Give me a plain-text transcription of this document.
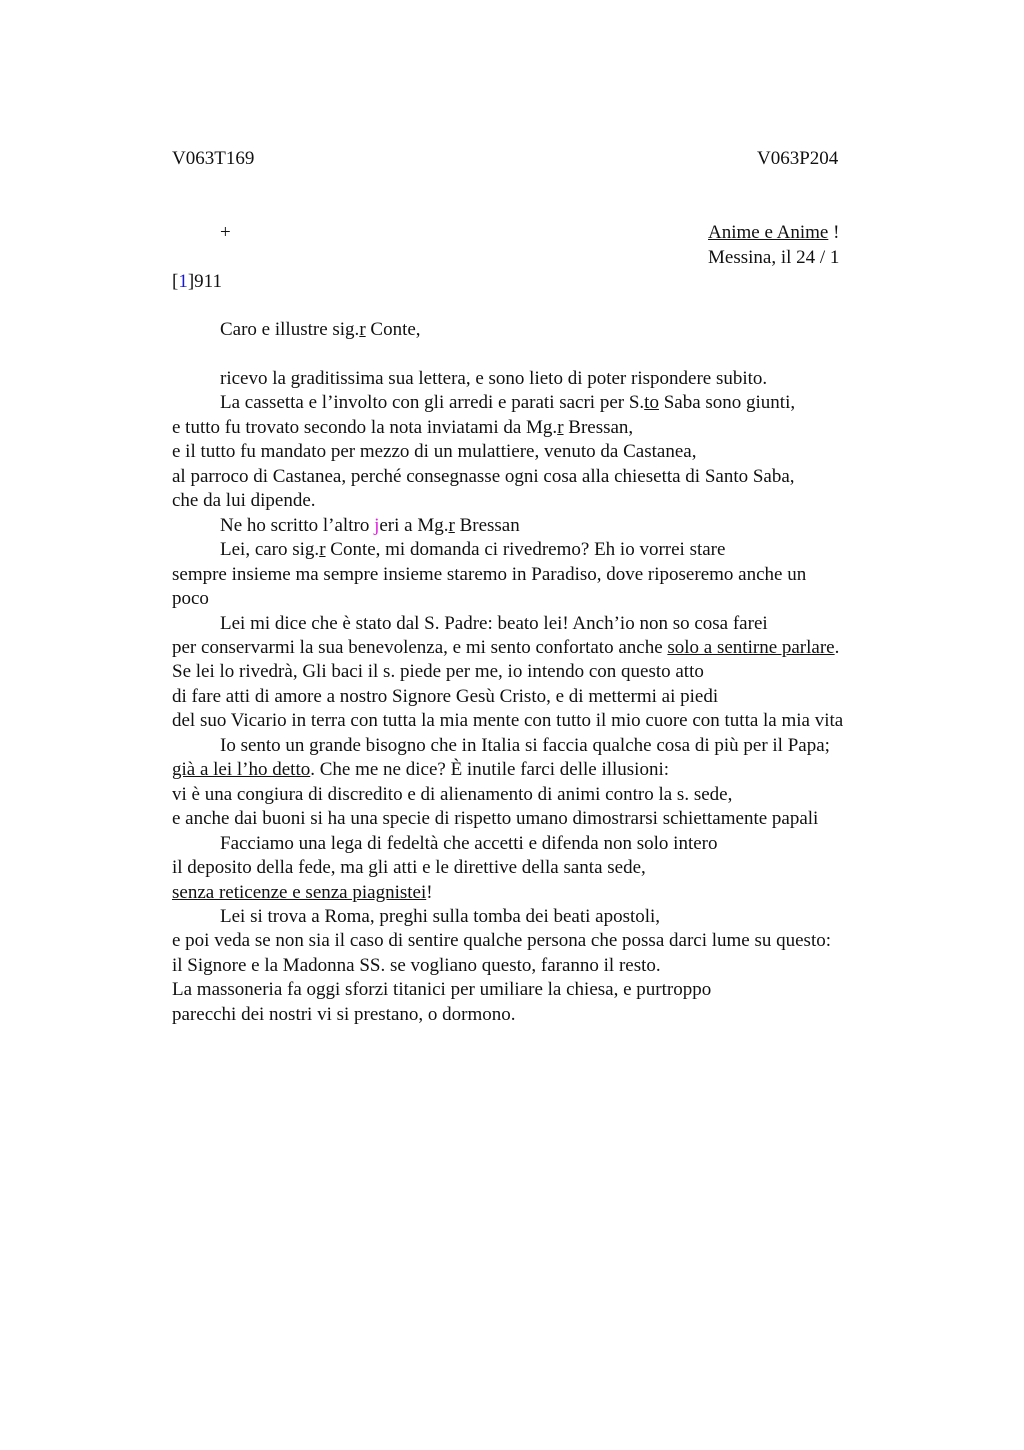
V063T169	V063P204
+	Anime e Anime !
Messina, il 24 / 1
[1]911
Caro e illustre sig.r Conte,
ricevo la graditissima sua lettera, e sono lieto di poter rispondere subito.
La cassetta e l’involto con gli arredi e parati sacri per S.to Saba sono giunti,
e tutto fu trovato secondo la nota inviatami da Mg.r Bressan,
e il tutto fu mandato per mezzo di un mulattiere, venuto da Castanea,
al parroco di Castanea, perché consegnasse ogni cosa alla chiesetta di Santo Saba,
che da lui dipende.
Ne ho scritto l’altro jeri a Mg.r Bressan
Lei, caro sig.r Conte, mi domanda ci rivedremo? Eh io vorrei stare
sempre insieme ma sempre insieme staremo in Paradiso, dove riposeremo anche un
poco
Lei mi dice che è stato dal S. Padre: beato lei! Anch’io non so cosa farei
per conservarmi la sua benevolenza, e mi sento confortato anche solo a sentirne parlare.
Se lei lo rivedrà, Gli baci il s. piede per me, io intendo con questo atto
di fare atti di amore a nostro Signore Gesù Cristo, e di mettermi ai piedi
del suo Vicario in terra con tutta la mia mente con tutto il mio cuore con tutta la mia vita
Io sento un grande bisogno che in Italia si faccia qualche cosa di più per il Papa;
già a lei l’ho detto. Che me ne dice? È inutile farci delle illusioni:
vi è una congiura di discredito e di alienamento di animi contro la s. sede,
e anche dai buoni si ha una specie di rispetto umano dimostrarsi schiettamente papali
Facciamo una lega di fedeltà che accetti e difenda non solo intero
il deposito della fede, ma gli atti e le direttive della santa sede,
senza reticenze e senza piagnistei!
Lei si trova a Roma, preghi sulla tomba dei beati apostoli,
e poi veda se non sia il caso di sentire qualche persona che possa darci lume su questo:
il Signore e la Madonna SS. se vogliano questo, faranno il resto.
La massoneria fa oggi sforzi titanici per umiliare la chiesa, e purtroppo
parecchi dei nostri vi si prestano, o dormono.
